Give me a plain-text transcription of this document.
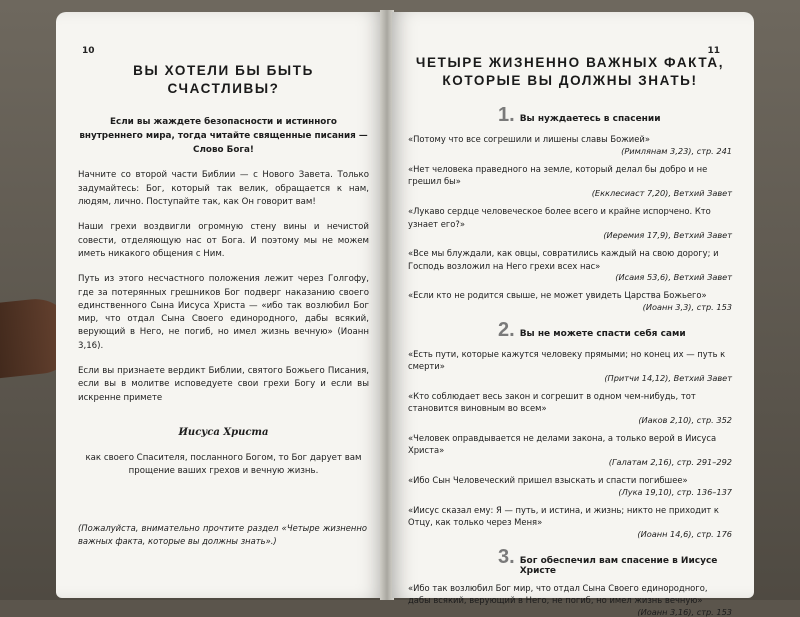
10
ВЫ ХОТЕЛИ БЫ БЫТЬ СЧАСТЛИВЫ?

Если вы жаждете безопасности и истинного внутреннего мира, тогда читайте священные писания — Слово Бога!

Начните со второй части Библии — с Нового Завета. Только задумайтесь: Бог, который так велик, обращается к нам, людям, лично. Поступайте так, как Он говорит вам!

Наши грехи воздвигли огромную стену вины и нечистой совести, отделяющую нас от Бога. И поэтому мы не можем иметь никакого общения с Ним.

Путь из этого несчастного положения лежит через Голгофу, где за потерянных грешников Бог подверг наказанию своего единственного Сына Иисуса Христа — «ибо так возлюбил Бог мир, что отдал Сына Своего единородного, дабы всякий, верующий в Него, не погиб, но имел жизнь вечную» (Иоанн 3,16).

Если вы признаете вердикт Библии, святого Божьего Писания, если вы в молитве исповедуете свои грехи Богу и если вы искренне примете

Иисуса Христа

как своего Спасителя, посланного Богом, то Бог дарует вам прощение ваших грехов и вечную жизнь.

(Пожалуйста, внимательно прочтите раздел «Четыре жизненно важных факта, которые вы должны знать».)
11
ЧЕТЫРЕ ЖИЗНЕННО ВАЖНЫХ ФАКТА, КОТОРЫЕ ВЫ ДОЛЖНЫ ЗНАТЬ!
1. Вы нуждаетесь в спасении
«Потому что все согрешили и лишены славы Божией»
(Римлянам 3,23), стр. 241
«Нет человека праведного на земле, который делал бы добро и не грешил бы»
(Екклесиаст 7,20), Ветхий Завет
«Лукаво сердце человеческое более всего и крайне испорчено. Кто узнает его?»
(Иеремия 17,9), Ветхий Завет
«Все мы блуждали, как овцы, совратились каждый на свою дорогу; и Господь возложил на Него грехи всех нас»
(Исаия 53,6), Ветхий Завет
«Если кто не родится свыше, не может увидеть Царства Божьего»
(Иоанн 3,3), стр. 153
2. Вы не можете спасти себя сами
«Есть пути, которые кажутся человеку прямыми; но конец их — путь к смерти»
(Притчи 14,12), Ветхий Завет
«Кто соблюдает весь закон и согрешит в одном чем-нибудь, тот становится виновным во всем»
(Иаков 2,10), стр. 352
«Человек оправдывается не делами закона, а только верой в Иисуса Христа»
(Галатам 2,16), стр. 291–292
«Ибо Сын Человеческий пришел взыскать и спасти погибшее»
(Лука 19,10), стр. 136–137
«Иисус сказал ему: Я — путь, и истина, и жизнь; никто не приходит к Отцу, как только через Меня»
(Иоанн 14,6), стр. 176
3. Бог обеспечил вам спасение в Иисусе Христе
«Ибо так возлюбил Бог мир, что отдал Сына Своего единородного, дабы всякий, верующий в Него, не погиб, но имел жизнь вечную»
(Иоанн 3,16), стр. 153
